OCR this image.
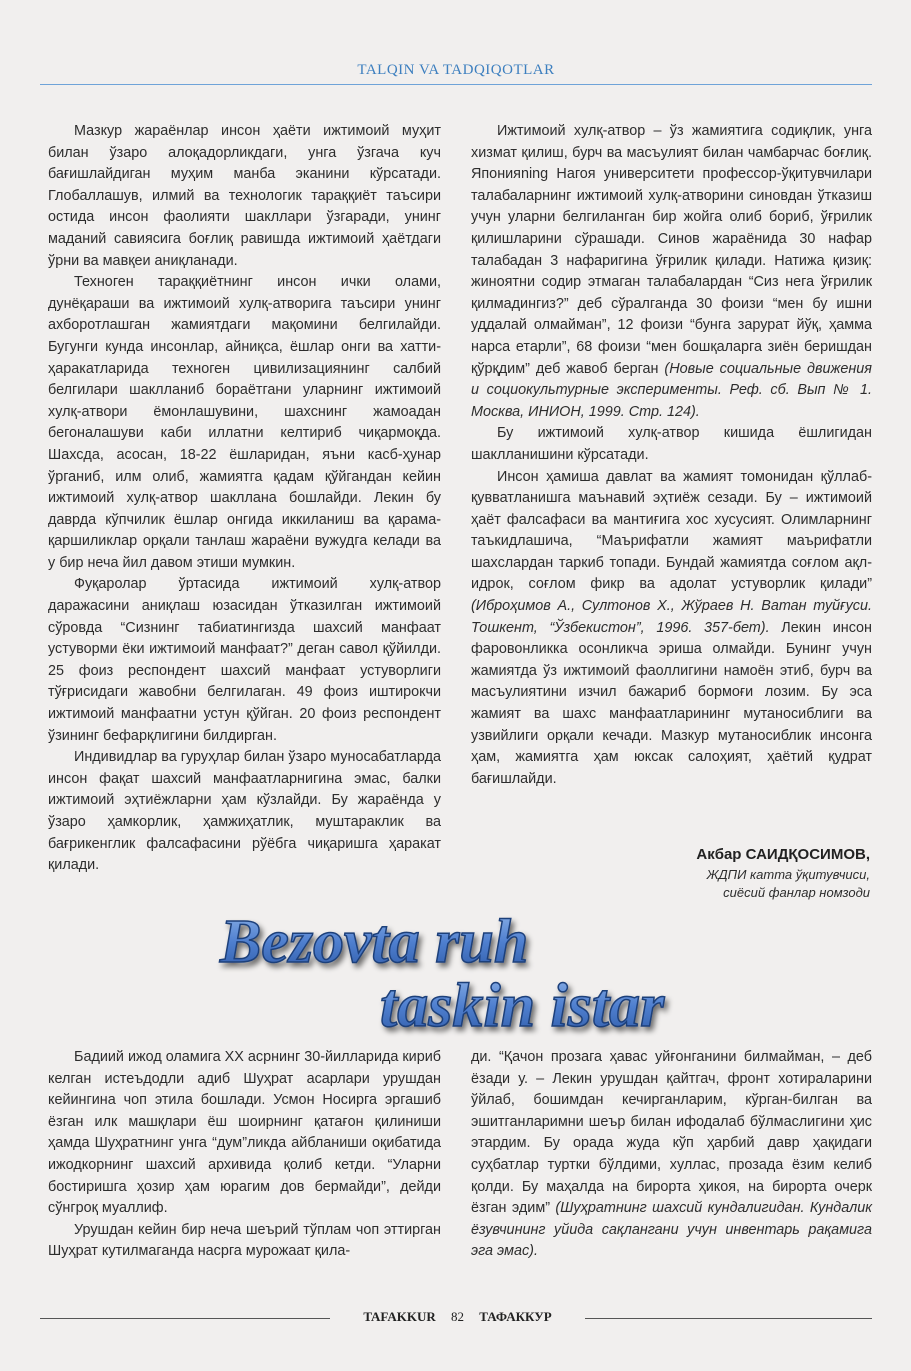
TALQIN VA TADQIQOTLAR

Мазкур жараёнлар инсон ҳаёти ижтимоий муҳит билан ўзаро алоқадорликдаги, унга ўзгача куч бағишлайдиган муҳим манба эканини кўрсатади. Глобаллашув, илмий ва технологик тараққиёт таъсири остида инсон фаолияти шакллари ўзгаради, унинг маданий савиясига боғлиқ равишда ижтимоий ҳаётдаги ўрни ва мавқеи аниқланади.

Техноген тараққиётнинг инсон ички олами, дунёқараши ва ижтимоий хулқ-атворига таъсири унинг ахборотлашган жамиятдаги мақомини белгилайди. Бугунги кунда инсонлар, айниқса, ёшлар онги ва хатти-ҳаракатларида техноген цивилизациянинг салбий белгилари шаклланиб бораётгани уларнинг ижтимоий хулқ-атвори ёмонлашувини, шахснинг жамоадан бегоналашуви каби иллатни келтириб чиқармоқда. Шахсда, асосан, 18-22 ёшларидан, яъни касб-ҳунар ўрганиб, илм олиб, жамиятга қадам қўйгандан кейин ижтимоий хулқ-атвор шакллана бошлайди. Лекин бу даврда кўпчилик ёшлар онгида иккиланиш ва қарама-қаршиликлар орқали танлаш жараёни вужудга келади ва у бир неча йил давом этиши мумкин.

Фуқаролар ўртасида ижтимоий хулқ-атвор даражасини аниқлаш юзасидан ўтказилган ижтимоий сўровда “Сизнинг табиатингизда шахсий манфаат устуворми ёки ижтимоий манфаат?” деган савол қўйилди. 25 фоиз респондент шахсий манфаат устуворлиги тўғрисидаги жавобни белгилаган. 49 фоиз иштирокчи ижтимоий манфаатни устун қўйган. 20 фоиз респондент ўзининг бефарқлигини билдирган.

Индивидлар ва гуруҳлар билан ўзаро муносабатларда инсон фақат шахсий манфаатларнигина эмас, балки ижтимоий эҳтиёжларни ҳам кўзлайди. Бу жараёнда у ўзаро ҳамкорлик, ҳамжиҳатлик, муштараклик ва бағрикенглик фалсафасини рўёбга чиқаришга ҳаракат қилади.

Ижтимоий хулқ-атвор – ўз жамиятига содиқлик, унга хизмат қилиш, бурч ва масъулият билан чамбарчас боғлиқ. Японияning Нагоя университети профессор-ўқитувчилари талабаларнинг ижтимоий хулқ-атворини синовдан ўтказиш учун уларни белгиланган бир жойга олиб бориб, ўғрилик қилишларини сўрашади. Синов жараёнида 30 нафар талабадан 3 нафаригина ўғрилик қилади. Натижа қизиқ: жиноятни содир этмаган талабалардан “Сиз нега ўғрилик қилмадингиз?” деб сўралганда 30 фоизи “мен бу ишни уддалай олмайман”, 12 фоизи “бунга зарурат йўқ, ҳамма нарса етарли”, 68 фоизи “мен бошқаларга зиён беришдан қўрқдим” деб жавоб берган (Новые социальные движения и социокультурные эксперименты. Реф. сб. Вып № 1. Москва, ИНИОН, 1999. Стр. 124).

Бу ижтимоий хулқ-атвор кишида ёшлигидан шаклланишини кўрсатади.

Инсон ҳамиша давлат ва жамият томонидан қўллаб-қувватланишга маънавий эҳтиёж сезади. Бу – ижтимоий ҳаёт фалсафаси ва мантиғига хос хусусият. Олимларнинг таъкидлашича, “Маърифатли жамият маърифатли шахслардан таркиб топади. Бундай жамиятда соғлом ақл-идрок, соғлом фикр ва адолат устуворлик қилади” (Иброҳимов А., Султонов Х., Жўраев Н. Ватан туйғуси. Тошкент, “Ўзбекистон”, 1996. 357-бет). Лекин инсон фаровонликка осонликча эриша олмайди. Бунинг учун жамиятда ўз ижтимоий фаоллигини намоён этиб, бурч ва масъулиятини изчил бажариб бормоғи лозим. Бу эса жамият ва шахс манфаатларининг мутаносиблиги ва узвийлиги орқали кечади. Мазкур мутаносиблик инсонга ҳам, жамиятга ҳам юксак салоҳият, ҳаётий қудрат бағишлайди.

Акбар САИДҚОСИМОВ,
ЖДПИ катта ўқитувчиси,
сиёсий фанлар номзоди
Bezovta ruh
taskin istar

Бадиий ижод оламига XX асрнинг 30-йилларида кириб келган истеъдодли адиб Шуҳрат асарлари урушдан кейингина чоп этила бошлади. Усмон Носирга эргашиб ёзган илк машқлари ёш шоирнинг қатағон қилиниши ҳамда Шуҳратнинг унга “дум”ликда айбланиши оқибатида ижодкорнинг шахсий архивида қолиб кетди. “Уларни бостиришга ҳозир ҳам юрагим дов бермайди”, дейди сўнгроқ муаллиф.

Урушдан кейин бир неча шеърий тўплам чоп эттирган Шуҳрат кутилмаганда насрга мурожаат қила-

ди. “Қачон прозага ҳавас уйғонганини билмайман, – деб ёзади у. – Лекин урушдан қайтгач, фронт хотираларини ўйлаб, бошимдан кечирганларим, кўрган-билган ва эшитганларимни шеър билан ифодалаб бўлмаслигини ҳис этардим. Бу орада жуда кўп ҳарбий давр ҳақидаги суҳбатлар туртки бўлдими, хуллас, прозада ёзим келиб қолди. Бу маҳалда на бирорта ҳикоя, на бирорта очерк ёзган эдим” (Шуҳратнинг шахсий кундалигидан. Кундалик ёзувчининг уйида сақлангани учун инвентарь рақамига эга эмас).

TAFAKKUR 82 ТАФАККУР
